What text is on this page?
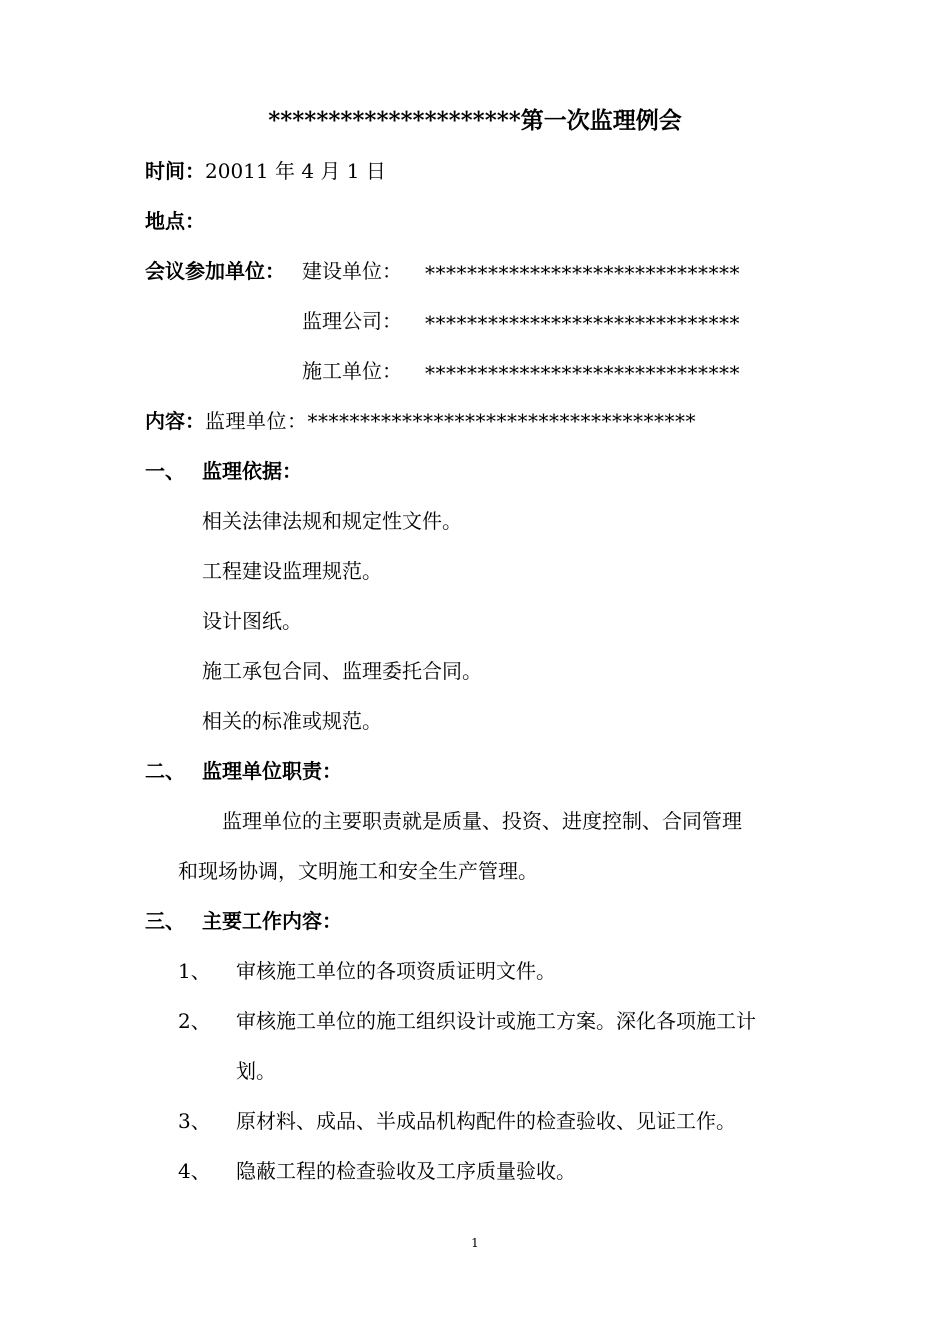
*********************第一次监理例会
时间：20011 年 4 月 1 日
地点：
会议参加单位： 建设单位： ******************************
监理公司： ******************************
施工单位： ******************************
内容：监理单位：*************************************
一、 监理依据：
相关法律法规和规定性文件。
工程建设监理规范。
设计图纸。
施工承包合同、监理委托合同。
相关的标准或规范。
二、 监理单位职责：
监理单位的主要职责就是质量、投资、进度控制、合同管理
和现场协调，文明施工和安全生产管理。
三、 主要工作内容：
1、 审核施工单位的各项资质证明文件。
2、 审核施工单位的施工组织设计或施工方案。深化各项施工计
划。
3、 原材料、成品、半成品机构配件的检查验收、见证工作。
4、 隐蔽工程的检查验收及工序质量验收。
1
